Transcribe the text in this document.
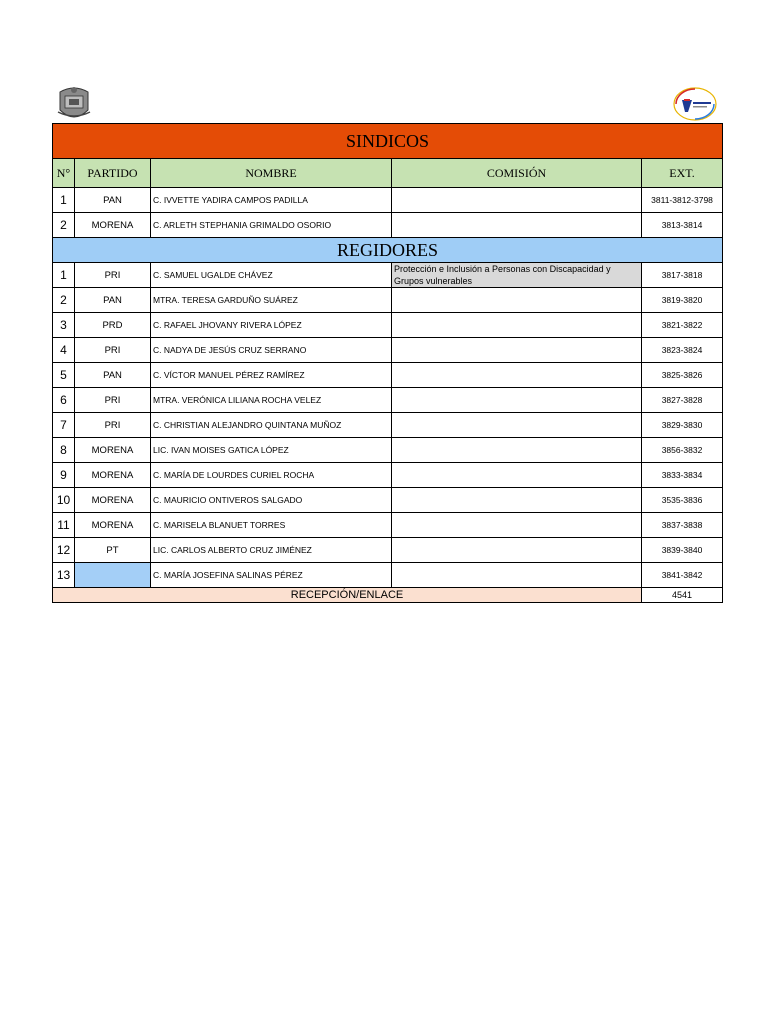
SINDICOS				
N°	PARTIDO	NOMBRE	COMISIÓN	EXT.
1	PAN	C. IVVETTE YADIRA CAMPOS PADILLA		3811-3812-3798
2	MORENA	C. ARLETH STEPHANIA GRIMALDO OSORIO		3813-3814
REGIDORES				
1	PRI	C. SAMUEL UGALDE CHÁVEZ	Protección e Inclusión a Personas con Discapacidad y Grupos vulnerables	3817-3818
2	PAN	MTRA. TERESA GARDUÑO SUÁREZ		3819-3820
3	PRD	C. RAFAEL JHOVANY RIVERA LÓPEZ		3821-3822
4	PRI	C. NADYA DE JESÚS CRUZ SERRANO		3823-3824
5	PAN	C. VÍCTOR MANUEL PÉREZ RAMÍREZ		3825-3826
6	PRI	MTRA. VERÓNICA LILIANA ROCHA VELEZ		3827-3828
7	PRI	C. CHRISTIAN ALEJANDRO QUINTANA MUÑOZ		3829-3830
8	MORENA	LIC. IVAN MOISES GATICA LÓPEZ		3856-3832
9	MORENA	C. MARÍA DE LOURDES CURIEL ROCHA		3833-3834
10	MORENA	C. MAURICIO ONTIVEROS SALGADO		3535-3836
11	MORENA	C. MARISELA BLANUET TORRES		3837-3838
12	PT	LIC. CARLOS ALBERTO CRUZ JIMÉNEZ		3839-3840
13		C. MARÍA JOSEFINA SALINAS PÉREZ		3841-3842
RECEPCIÓN/ENLACE				4541
